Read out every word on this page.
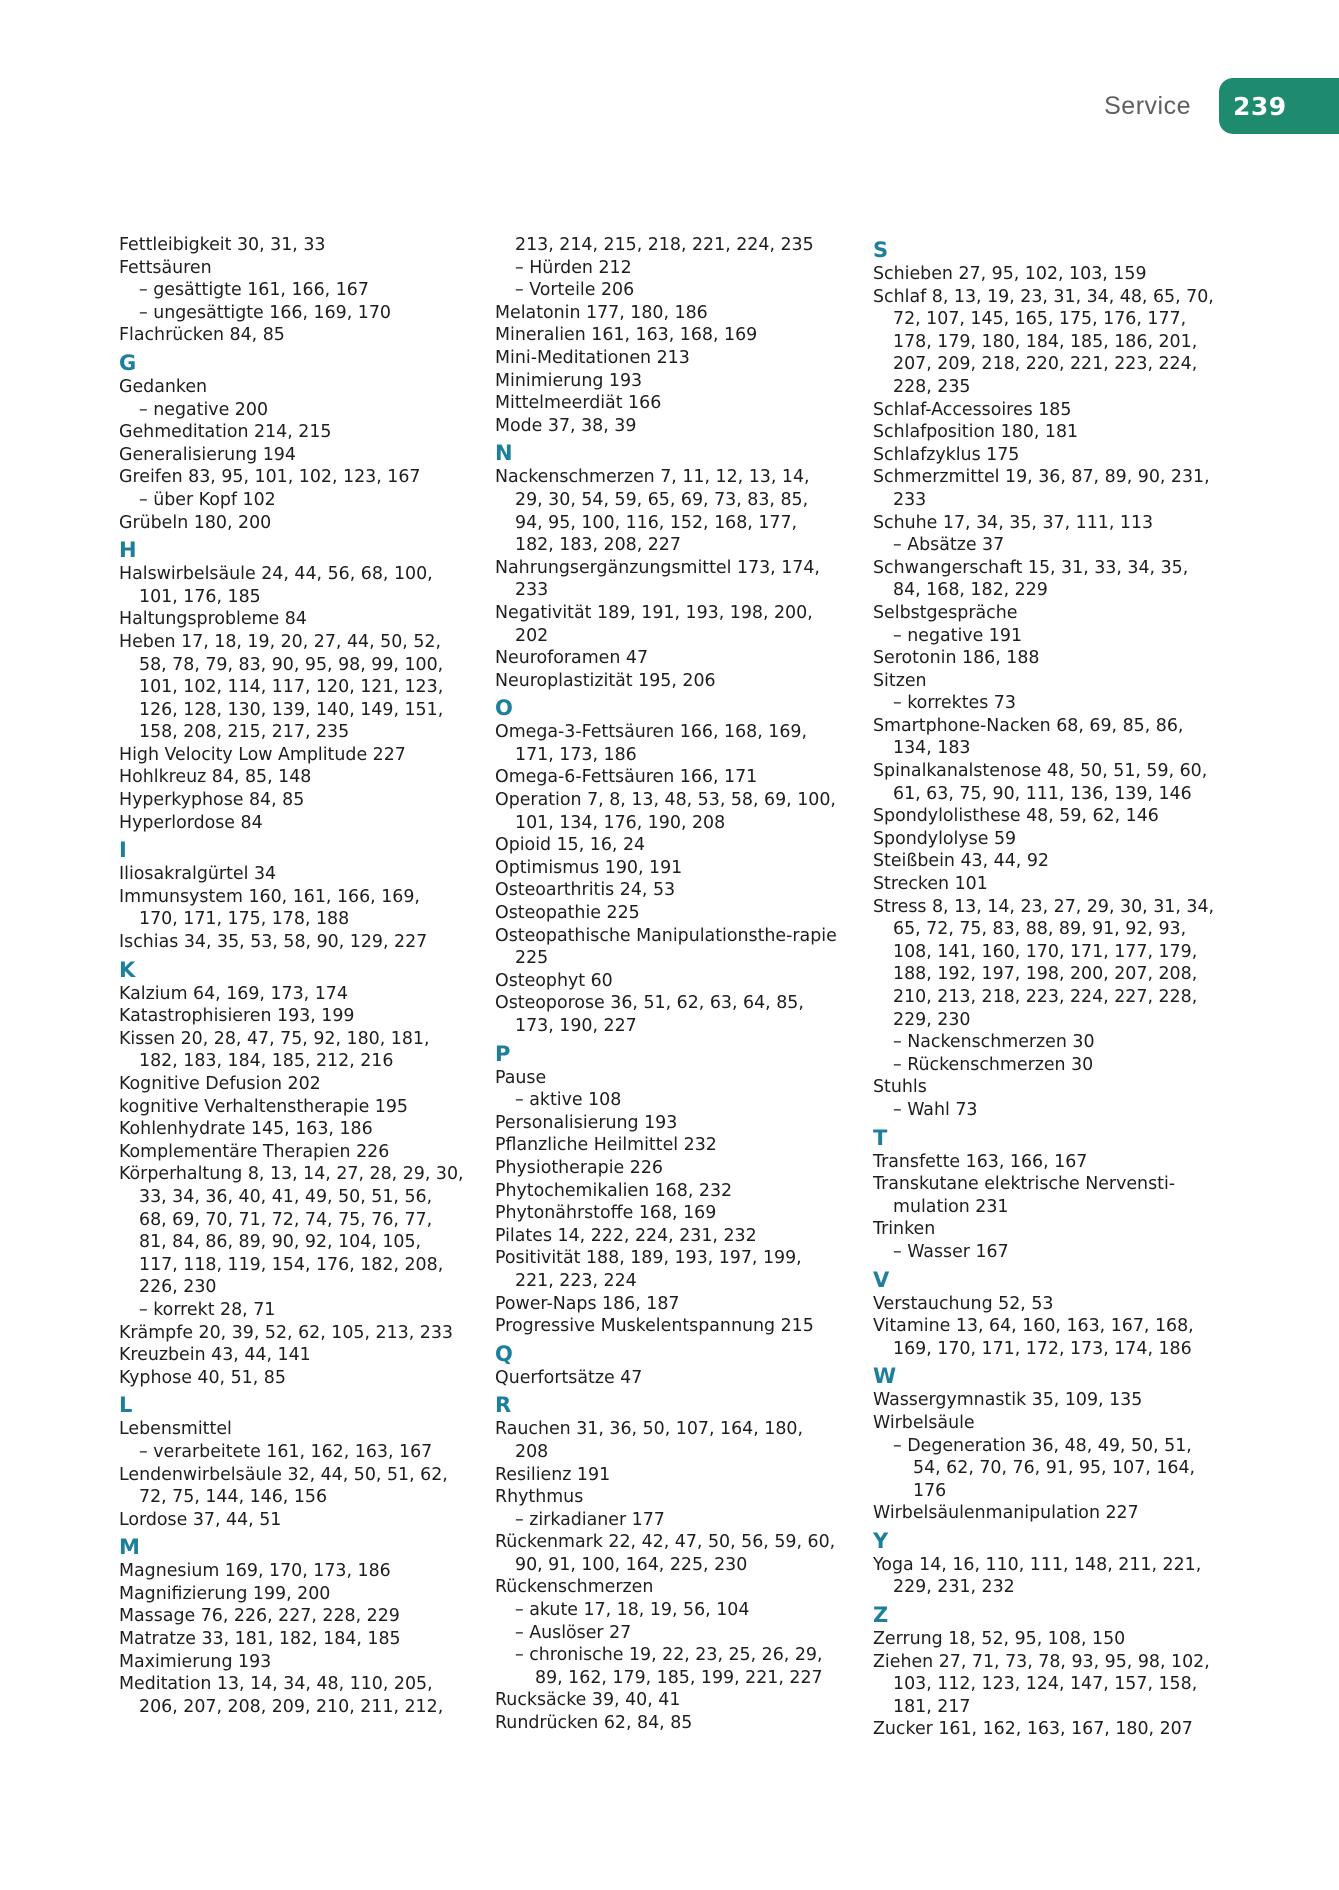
Service	239
Fettleibigkeit 30, 31, 33
Fettsäuren
– gesättigte 161, 166, 167
– ungesättigte 166, 169, 170
Flachrücken 84, 85
G
Gedanken
– negative 200
Gehmeditation 214, 215
Generalisierung 194
Greifen 83, 95, 101, 102, 123, 167
– über Kopf 102
Grübeln 180, 200
H
Halswirbelsäule 24, 44, 56, 68, 100, 101, 176, 185
Haltungsprobleme 84
Heben 17, 18, 19, 20, 27, 44, 50, 52, 58, 78, 79, 83, 90, 95, 98, 99, 100, 101, 102, 114, 117, 120, 121, 123, 126, 128, 130, 139, 140, 149, 151, 158, 208, 215, 217, 235
High Velocity Low Amplitude 227
Hohlkreuz 84, 85, 148
Hyperkyphose 84, 85
Hyperlordose 84
I
Iliosakralgürtel 34
Immunsystem 160, 161, 166, 169, 170, 171, 175, 178, 188
Ischias 34, 35, 53, 58, 90, 129, 227
K
Kalzium 64, 169, 173, 174
Katastrophisieren 193, 199
Kissen 20, 28, 47, 75, 92, 180, 181, 182, 183, 184, 185, 212, 216
Kognitive Defusion 202
kognitive Verhaltenstherapie 195
Kohlenhydrate 145, 163, 186
Komplementäre Therapien 226
Körperhaltung 8, 13, 14, 27, 28, 29, 30, 33, 34, 36, 40, 41, 49, 50, 51, 56, 68, 69, 70, 71, 72, 74, 75, 76, 77, 81, 84, 86, 89, 90, 92, 104, 105, 117, 118, 119, 154, 176, 182, 208, 226, 230
– korrekt 28, 71
Krämpfe 20, 39, 52, 62, 105, 213, 233
Kreuzbein 43, 44, 141
Kyphose 40, 51, 85
L
Lebensmittel
– verarbeitete 161, 162, 163, 167
Lendenwirbelsäule 32, 44, 50, 51, 62, 72, 75, 144, 146, 156
Lordose 37, 44, 51
M
Magnesium 169, 170, 173, 186
Magnifizierung 199, 200
Massage 76, 226, 227, 228, 229
Matratze 33, 181, 182, 184, 185
Maximierung 193
Meditation 13, 14, 34, 48, 110, 205, 206, 207, 208, 209, 210, 211, 212,
213, 214, 215, 218, 221, 224, 235
– Hürden 212
– Vorteile 206
Melatonin 177, 180, 186
Mineralien 161, 163, 168, 169
Mini-Meditationen 213
Minimierung 193
Mittelmeerdiät 166
Mode 37, 38, 39
N
Nackenschmerzen 7, 11, 12, 13, 14, 29, 30, 54, 59, 65, 69, 73, 83, 85, 94, 95, 100, 116, 152, 168, 177, 182, 183, 208, 227
Nahrungsergänzungsmittel 173, 174, 233
Negativität 189, 191, 193, 198, 200, 202
Neuroforamen 47
Neuroplastizität 195, 206
O
Omega-3-Fettsäuren 166, 168, 169, 171, 173, 186
Omega-6-Fettsäuren 166, 171
Operation 7, 8, 13, 48, 53, 58, 69, 100, 101, 134, 176, 190, 208
Opioid 15, 16, 24
Optimismus 190, 191
Osteoarthritis 24, 53
Osteopathie 225
Osteopathische Manipulationsthe-rapie 225
Osteophyt 60
Osteoporose 36, 51, 62, 63, 64, 85, 173, 190, 227
P
Pause
– aktive 108
Personalisierung 193
Pflanzliche Heilmittel 232
Physiotherapie 226
Phytochemikalien 168, 232
Phytonährstoffe 168, 169
Pilates 14, 222, 224, 231, 232
Positivität 188, 189, 193, 197, 199, 221, 223, 224
Power-Naps 186, 187
Progressive Muskelentspannung 215
Q
Querfortsätze 47
R
Rauchen 31, 36, 50, 107, 164, 180, 208
Resilienz 191
Rhythmus
– zirkadianer 177
Rückenmark 22, 42, 47, 50, 56, 59, 60, 90, 91, 100, 164, 225, 230
Rückenschmerzen
– akute 17, 18, 19, 56, 104
– Auslöser 27
– chronische 19, 22, 23, 25, 26, 29, 89, 162, 179, 185, 199, 221, 227
Rucksäcke 39, 40, 41
Rundrücken 62, 84, 85
S
Schieben 27, 95, 102, 103, 159
Schlaf 8, 13, 19, 23, 31, 34, 48, 65, 70, 72, 107, 145, 165, 175, 176, 177, 178, 179, 180, 184, 185, 186, 201, 207, 209, 218, 220, 221, 223, 224, 228, 235
Schlaf-Accessoires 185
Schlafposition 180, 181
Schlafzyklus 175
Schmerzmittel 19, 36, 87, 89, 90, 231, 233
Schuhe 17, 34, 35, 37, 111, 113
– Absätze 37
Schwangerschaft 15, 31, 33, 34, 35, 84, 168, 182, 229
Selbstgespräche
– negative 191
Serotonin 186, 188
Sitzen
– korrektes 73
Smartphone-Nacken 68, 69, 85, 86, 134, 183
Spinalkanalstenose 48, 50, 51, 59, 60, 61, 63, 75, 90, 111, 136, 139, 146
Spondylolisthese 48, 59, 62, 146
Spondylolyse 59
Steißbein 43, 44, 92
Strecken 101
Stress 8, 13, 14, 23, 27, 29, 30, 31, 34, 65, 72, 75, 83, 88, 89, 91, 92, 93, 108, 141, 160, 170, 171, 177, 179, 188, 192, 197, 198, 200, 207, 208, 210, 213, 218, 223, 224, 227, 228, 229, 230
– Nackenschmerzen 30
– Rückenschmerzen 30
Stuhls
– Wahl 73
T
Transfette 163, 166, 167
Transkutane elektrische Nervensti-mulation 231
Trinken
– Wasser 167
V
Verstauchung 52, 53
Vitamine 13, 64, 160, 163, 167, 168, 169, 170, 171, 172, 173, 174, 186
W
Wassergymnastik 35, 109, 135
Wirbelsäule
– Degeneration 36, 48, 49, 50, 51, 54, 62, 70, 76, 91, 95, 107, 164, 176
Wirbelsäulenmanipulation 227
Y
Yoga 14, 16, 110, 111, 148, 211, 221, 229, 231, 232
Z
Zerrung 18, 52, 95, 108, 150
Ziehen 27, 71, 73, 78, 93, 95, 98, 102, 103, 112, 123, 124, 147, 157, 158, 181, 217
Zucker 161, 162, 163, 167, 180, 207
